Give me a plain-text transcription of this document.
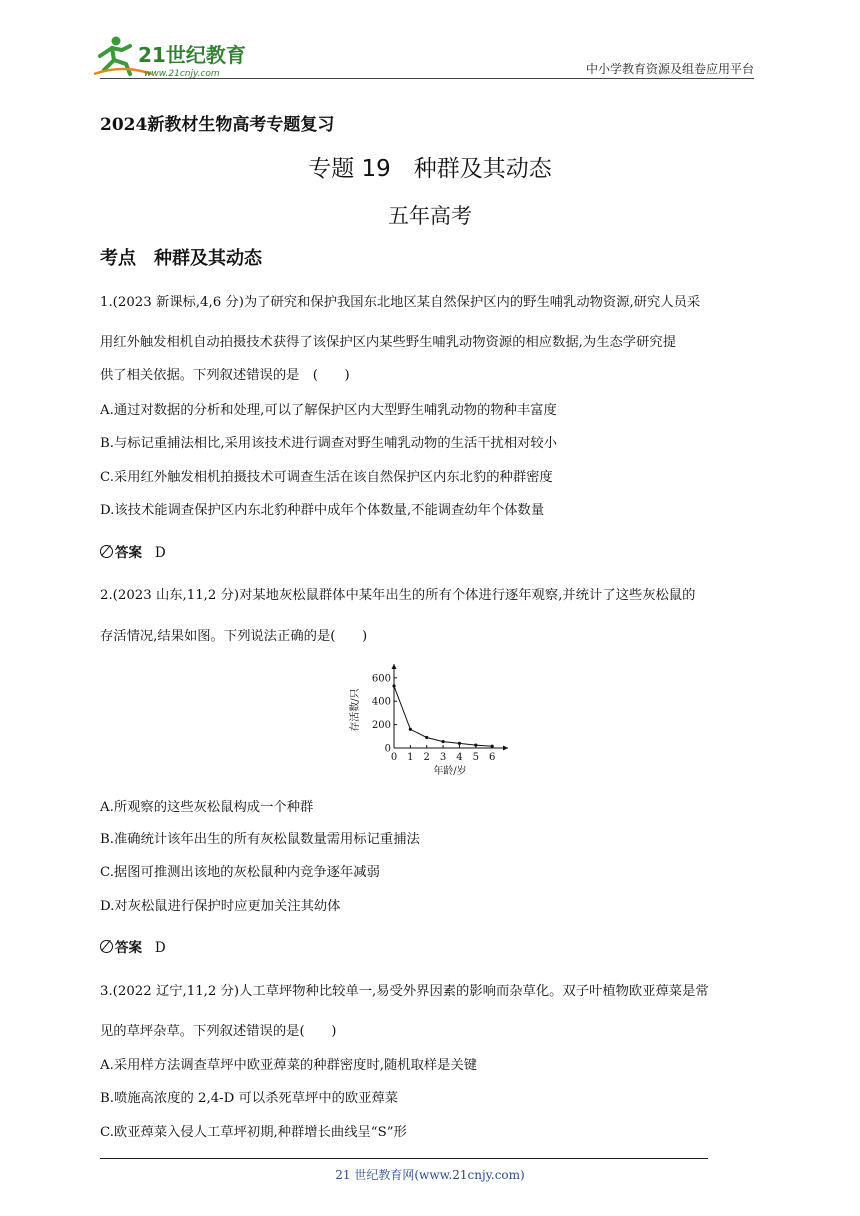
21世纪教育
www.21cnjy.com	中小学教育资源及组卷应用平台
2024新教材生物高考专题复习
专题 19　种群及其动态
五年高考
考点　种群及其动态
1.(2023 新课标,4,6 分)为了研究和保护我国东北地区某自然保护区内的野生哺乳动物资源,研究人员采
用红外触发相机自动拍摄技术获得了该保护区内某些野生哺乳动物资源的相应数据,为生态学研究提
供了相关依据。下列叙述错误的是　(　　)
A.通过对数据的分析和处理,可以了解保护区内大型野生哺乳动物的物种丰富度
B.与标记重捕法相比,采用该技术进行调查对野生哺乳动物的生活干扰相对较小
C.采用红外触发相机拍摄技术可调查生活在该自然保护区内东北豹的种群密度
D.该技术能调查保护区内东北豹种群中成年个体数量,不能调查幼年个体数量
答案 D
2.(2023 山东,11,2 分)对某地灰松鼠群体中某年出生的所有个体进行逐年观察,并统计了这些灰松鼠的
存活情况,结果如图。下列说法正确的是(　　)
0
200
400
600
0 1 2 3 4 5 6
年龄/岁
存活数/只
A.所观察的这些灰松鼠构成一个种群
B.准确统计该年出生的所有灰松鼠数量需用标记重捕法
C.据图可推测出该地的灰松鼠种内竞争逐年减弱
D.对灰松鼠进行保护时应更加关注其幼体
答案 D
3.(2022 辽宁,11,2 分)人工草坪物种比较单一,易受外界因素的影响而杂草化。双子叶植物欧亚蔊菜是常
见的草坪杂草。下列叙述错误的是(　　)
A.采用样方法调查草坪中欧亚蔊菜的种群密度时,随机取样是关键
B.喷施高浓度的 2,4-D 可以杀死草坪中的欧亚蔊菜
C.欧亚蔊菜入侵人工草坪初期,种群增长曲线呈“S”形
21 世纪教育网(www.21cnjy.com)
